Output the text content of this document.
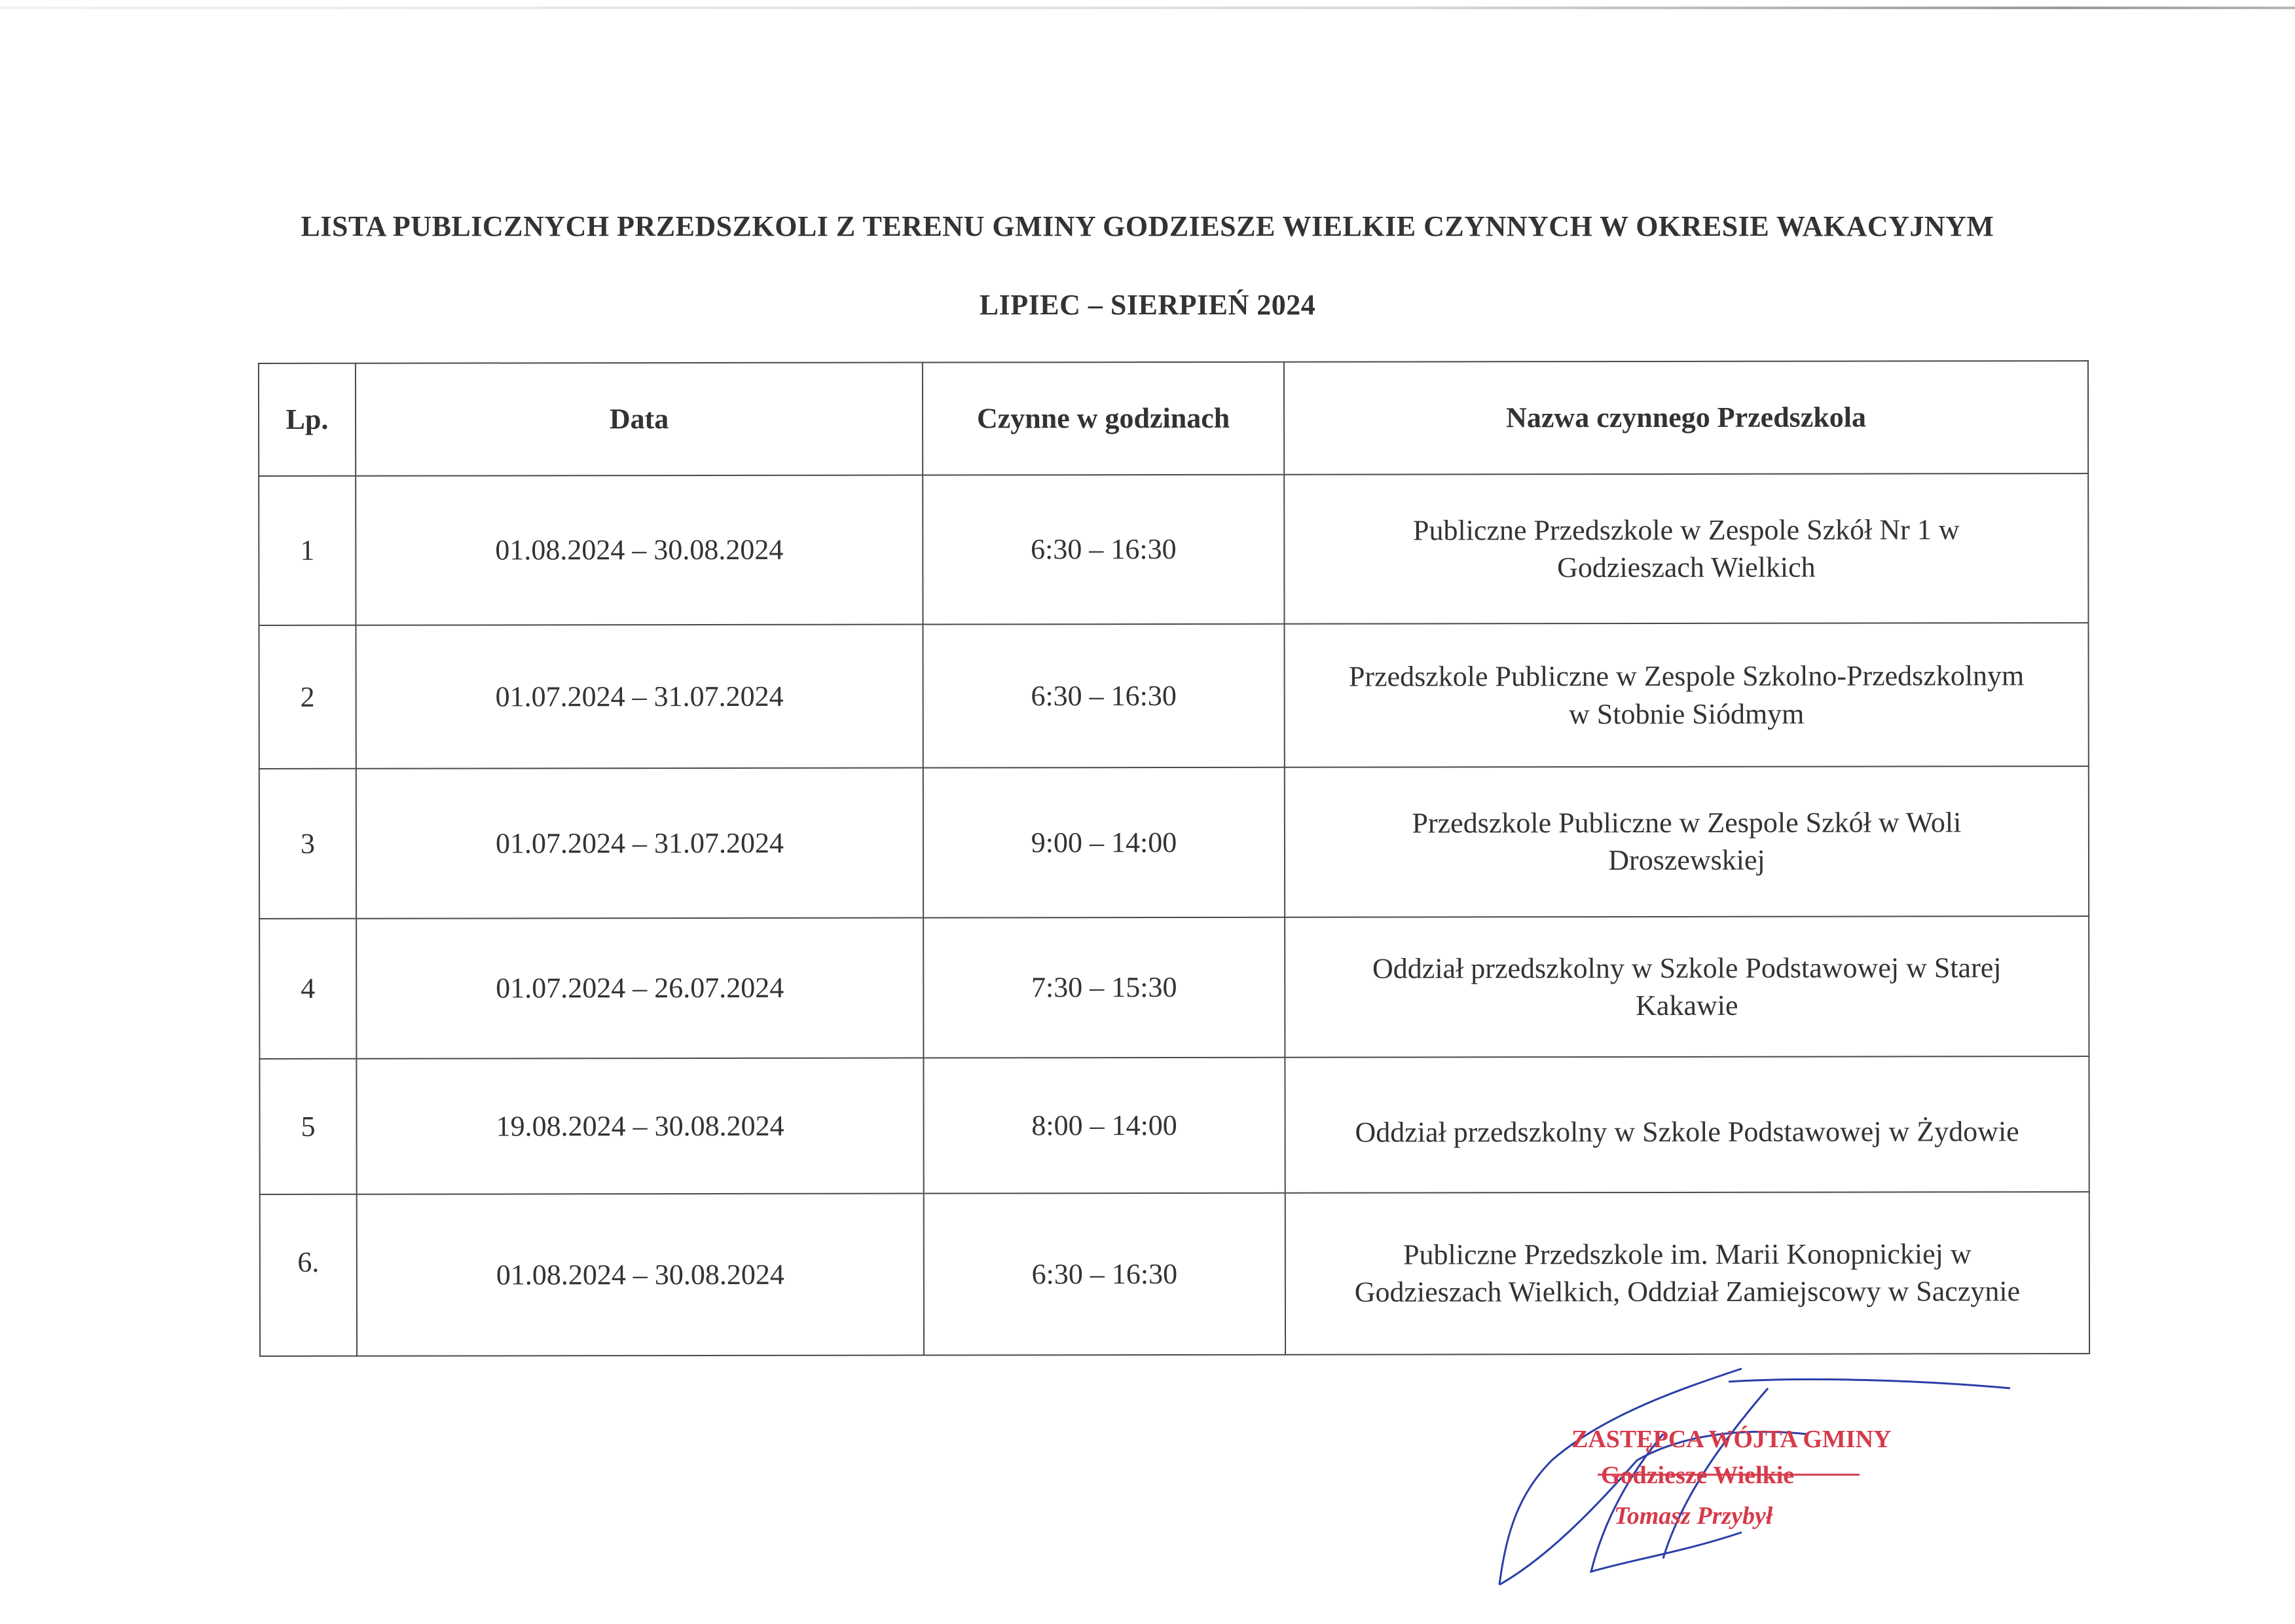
LISTA PUBLICZNYCH PRZEDSZKOLI Z TERENU GMINY GODZIESZE WIELKIE CZYNNYCH W OKRESIE WAKACYJNYM
LIPIEC – SIERPIEŃ 2024
Lp.	Data	Czynne w godzinach	Nazwa czynnego Przedszkola
1	01.08.2024 – 30.08.2024	6:30 – 16:30	Publiczne Przedszkole w Zespole Szkół Nr 1 w
Godzieszach Wielkich
2	01.07.2024 – 31.07.2024	6:30 – 16:30	Przedszkole Publiczne w Zespole Szkolno-Przedszkolnym
w Stobnie Siódmym
3	01.07.2024 – 31.07.2024	9:00 – 14:00	Przedszkole Publiczne w Zespole Szkół w Woli
Droszewskiej
4	01.07.2024 – 26.07.2024	7:30 – 15:30	Oddział przedszkolny w Szkole Podstawowej w Starej
Kakawie
5	19.08.2024 – 30.08.2024	8:00 – 14:00	Oddział przedszkolny w Szkole Podstawowej w Żydowie
6.	01.08.2024 – 30.08.2024	6:30 – 16:30	Publiczne Przedszkole im. Marii Konopnickiej w
Godzieszach Wielkich, Oddział Zamiejscowy w Saczynie
ZASTĘPCA WÓJTA GMINY
Godziesze Wielkie
Tomasz Przybył
